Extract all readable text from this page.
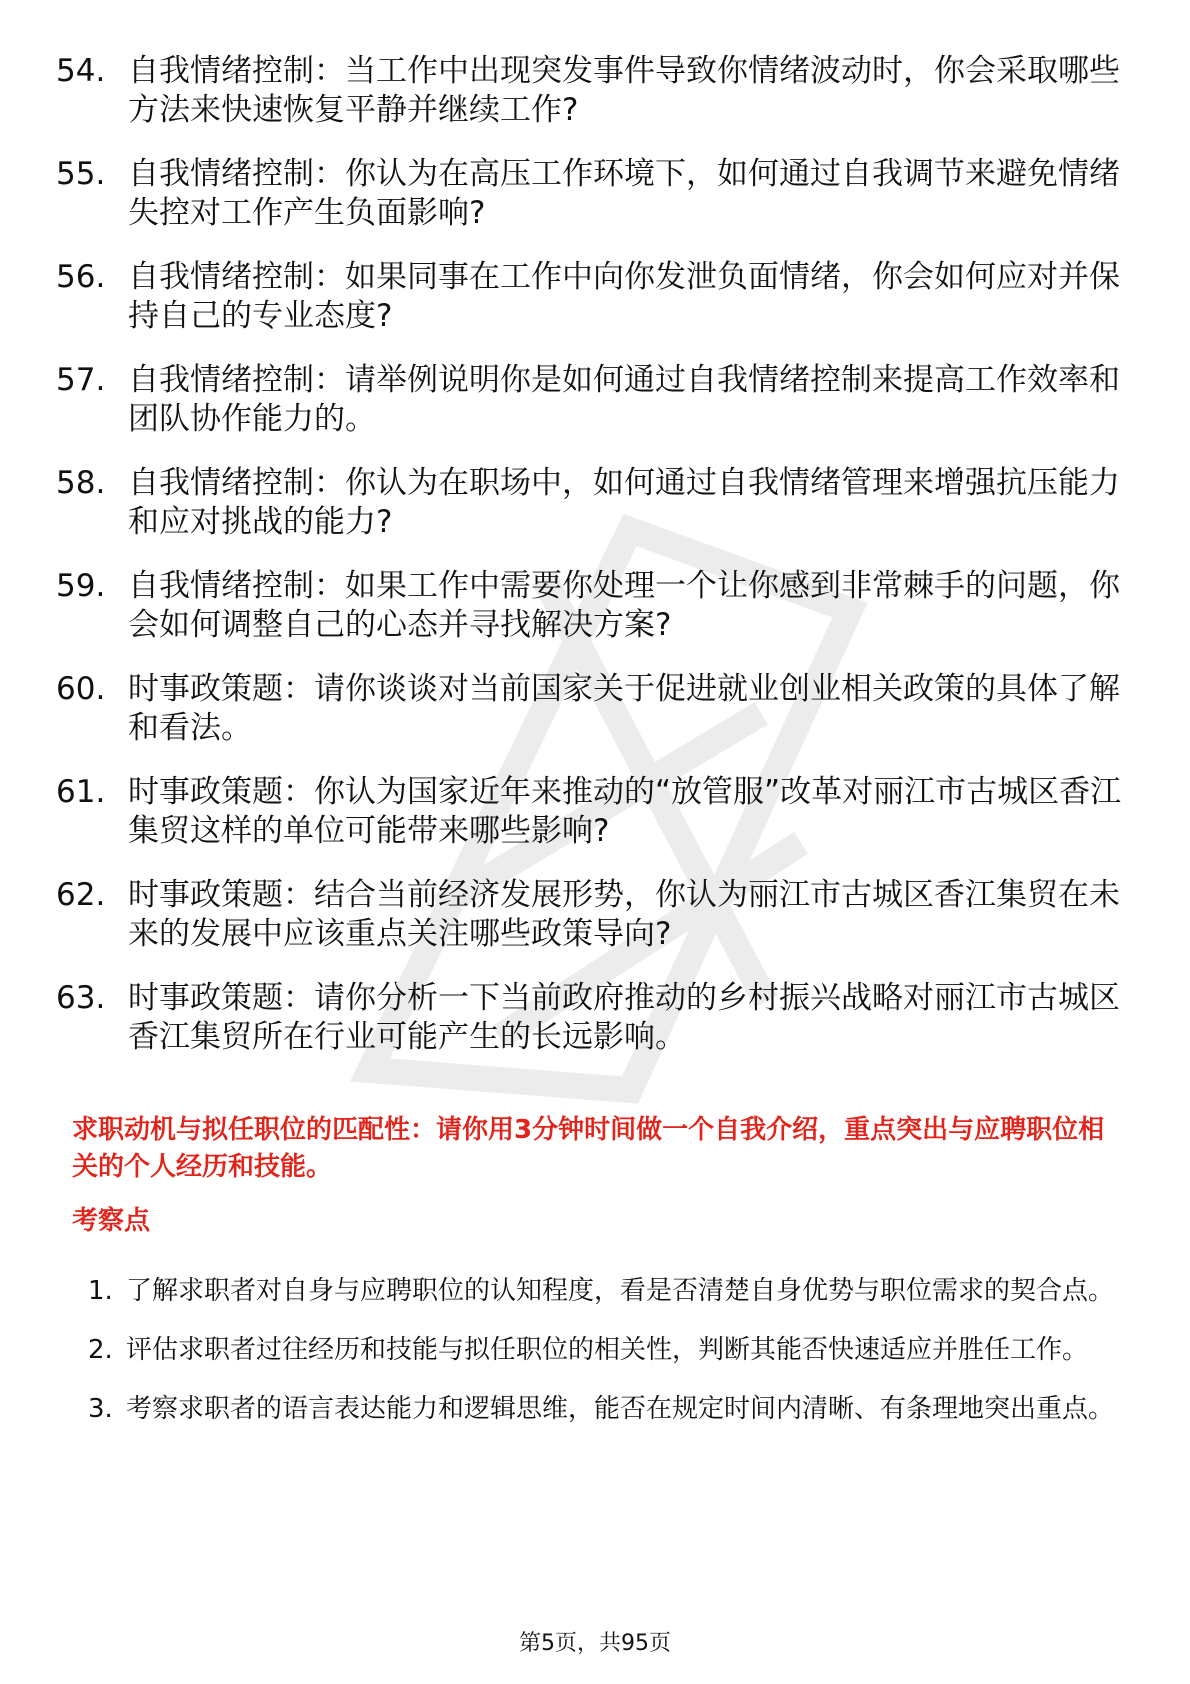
54. 自我情绪控制：当工作中出现突发事件导致你情绪波动时，你会采取哪些方法来快速恢复平静并继续工作?
55. 自我情绪控制：你认为在高压工作环境下，如何通过自我调节来避免情绪失控对工作产生负面影响?
56. 自我情绪控制：如果同事在工作中向你发泄负面情绪，你会如何应对并保持自己的专业态度?
57. 自我情绪控制：请举例说明你是如何通过自我情绪控制来提高工作效率和团队协作能力的。
58. 自我情绪控制：你认为在职场中，如何通过自我情绪管理来增强抗压能力和应对挑战的能力?
59. 自我情绪控制：如果工作中需要你处理一个让你感到非常棘手的问题，你会如何调整自己的心态并寻找解决方案?
60. 时事政策题：请你谈谈对当前国家关于促进就业创业相关政策的具体了解和看法。
61. 时事政策题：你认为国家近年来推动的“放管服”改革对丽江市古城区香江集贸这样的单位可能带来哪些影响?
62. 时事政策题：结合当前经济发展形势，你认为丽江市古城区香江集贸在未来的发展中应该重点关注哪些政策导向?
63. 时事政策题：请你分析一下当前政府推动的乡村振兴战略对丽江市古城区香江集贸所在行业可能产生的长远影响。

求职动机与拟任职位的匹配性：请你用3分钟时间做一个自我介绍，重点突出与应聘职位相关的个人经历和技能。

考察点
1. 了解求职者对自身与应聘职位的认知程度，看是否清楚自身优势与职位需求的契合点。
2. 评估求职者过往经历和技能与拟任职位的相关性，判断其能否快速适应并胜任工作。
3. 考察求职者的语言表达能力和逻辑思维，能否在规定时间内清晰、有条理地突出重点。
第5页，共95页
